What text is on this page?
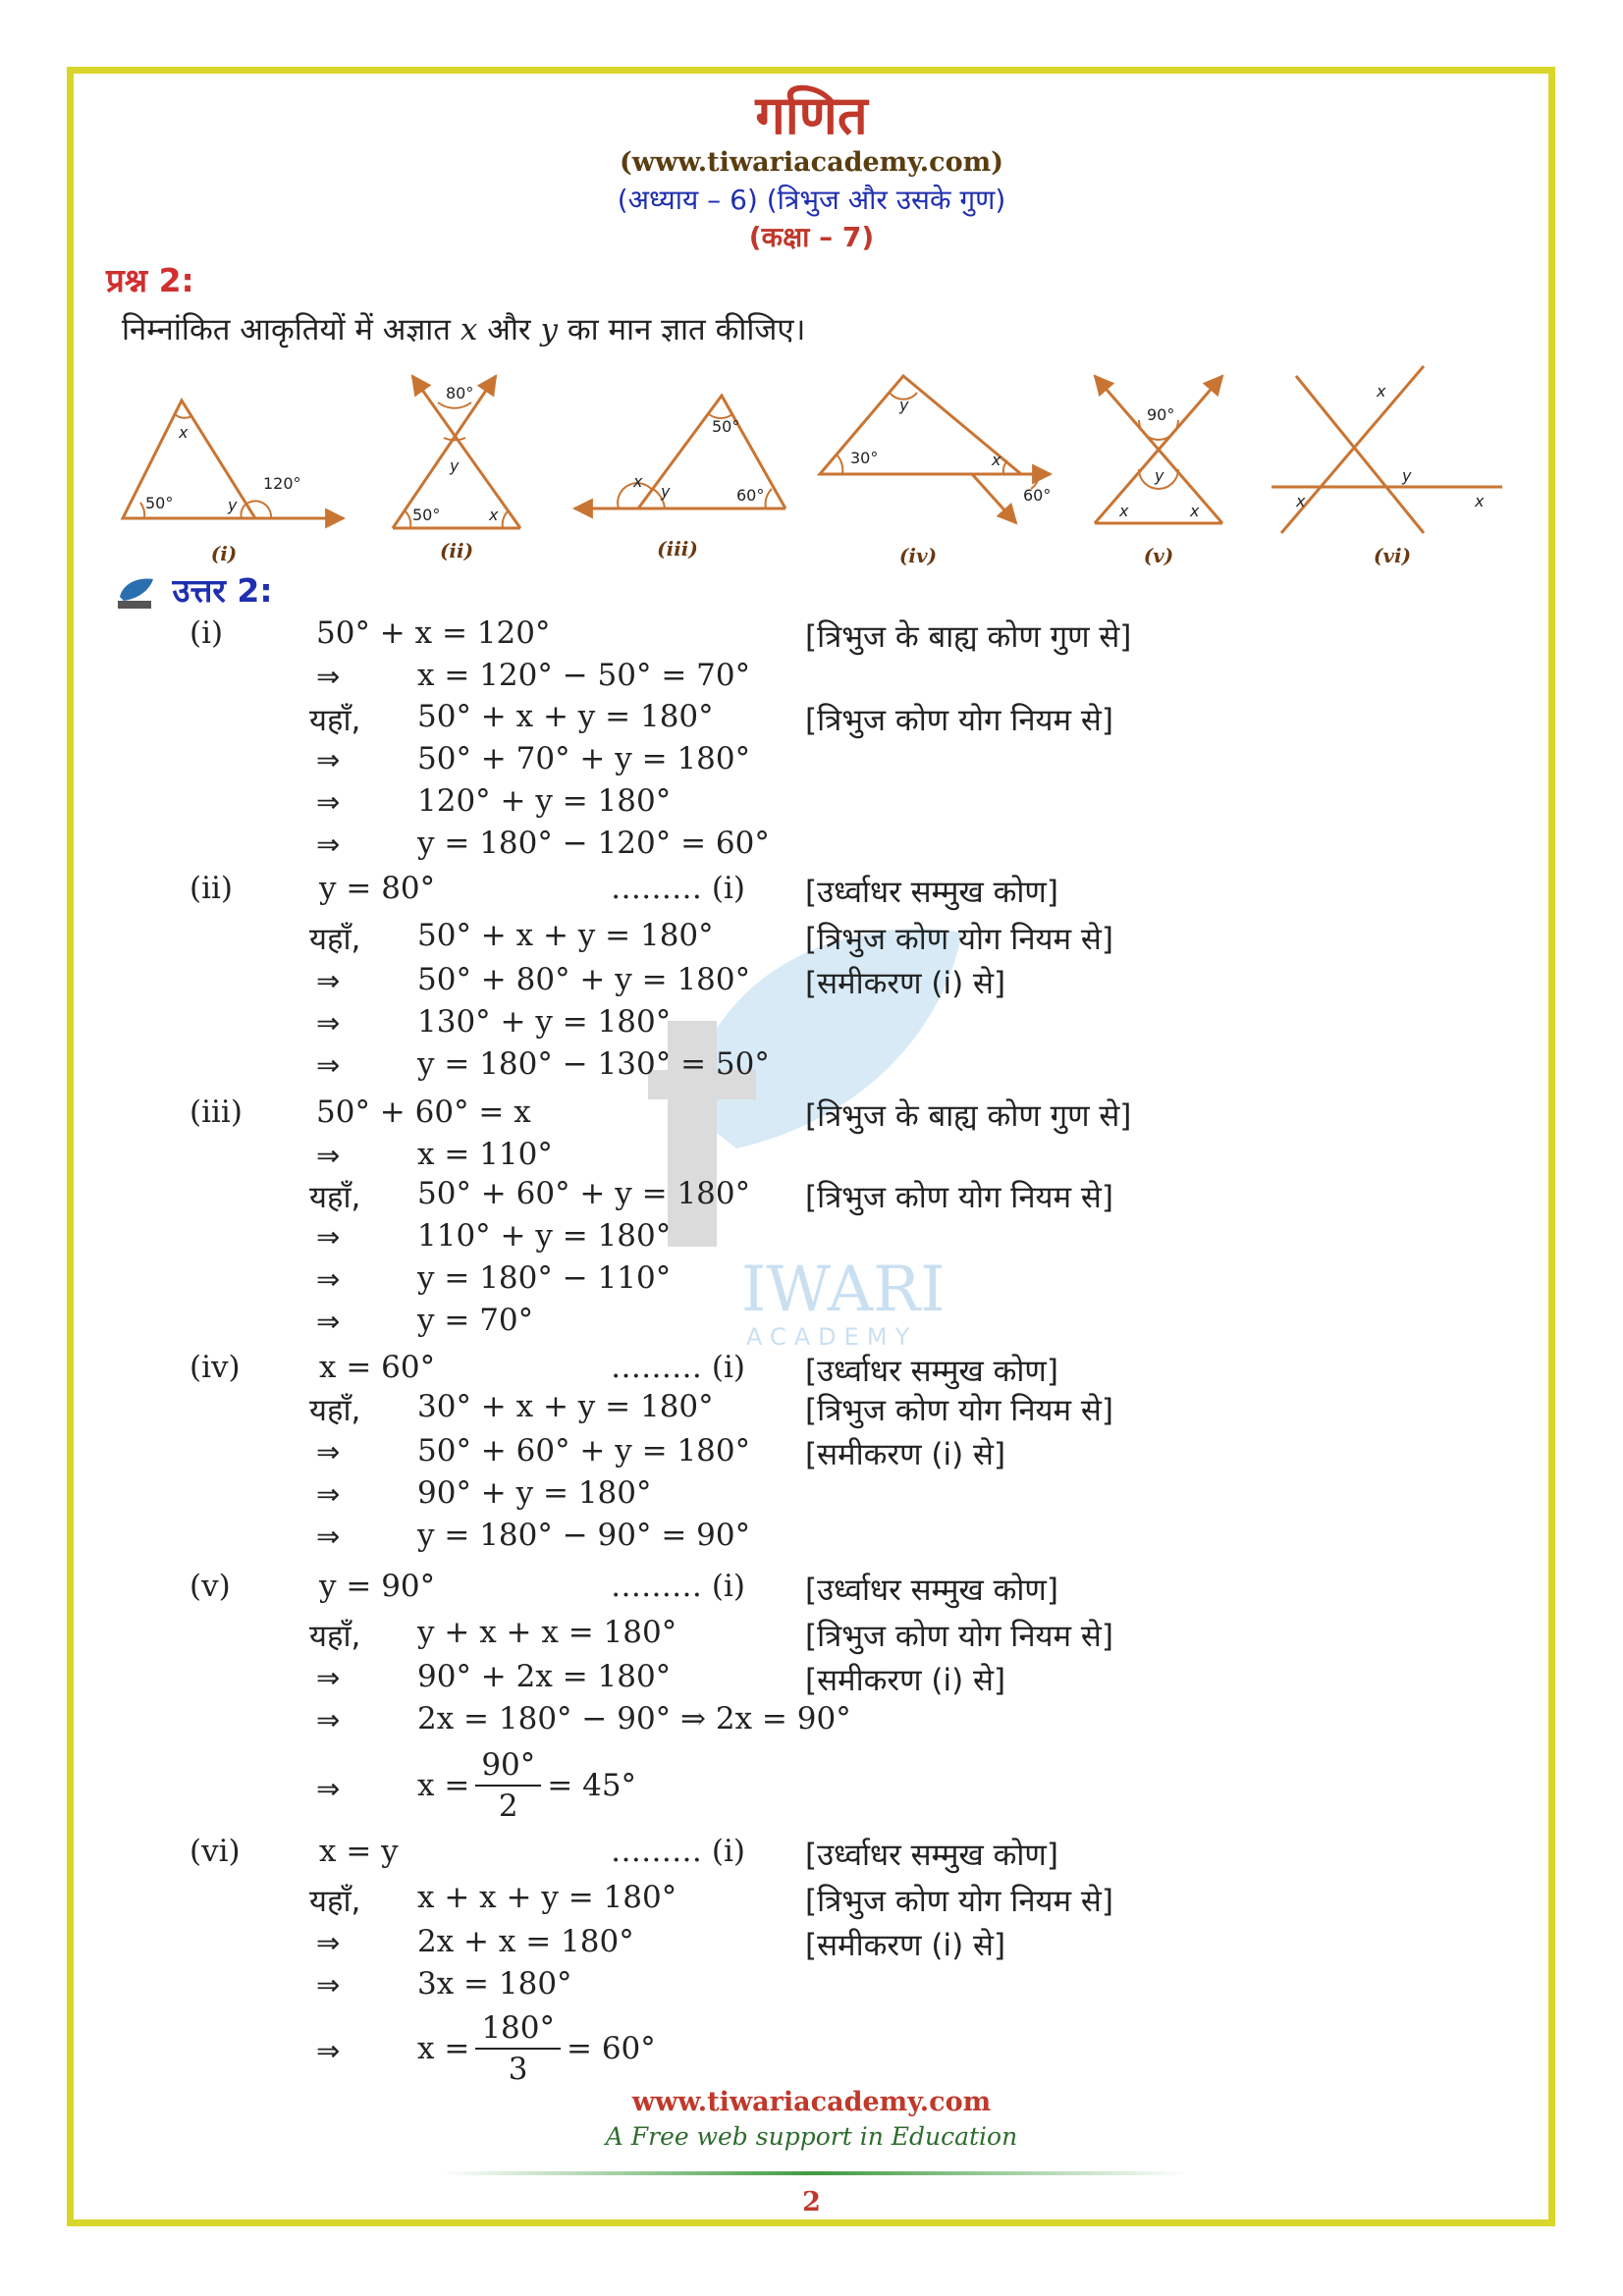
गणित
(www.tiwariacademy.com)
(अध्याय – 6) (त्रिभुज और उसके गुण)
(कक्षा – 7)
प्रश्न 2:
निम्नांकित आकृतियों में अज्ञात x और y का मान ज्ञात कीजिए।
x
50°	y
120°
80°
y
50°	x
50°
x
y	60°
y
30°	x
60°
90°
y
x	x
x
y
x	x
(i)	(ii)	(iii)	(iv)	(v)	(vi)
IWARI
ACADEMY
उत्तर 2:
(i)	50° + x = 120°	[त्रिभुज के बाह्य कोण गुण से]
⇒	x = 120° − 50° = 70°
यहाँ, 50° + x + y = 180°	[त्रिभुज कोण योग नियम से]
⇒	50° + 70° + y = 180°
⇒	120° + y = 180°
⇒	y = 180° − 120° = 60°
(ii)	y = 80°	……… (i) [उर्ध्वाधर सम्मुख कोण]
यहाँ, 50° + x + y = 180°	[त्रिभुज कोण योग नियम से]
⇒	50° + 80° + y = 180° [समीकरण (i) से]
⇒	130° + y = 180°
⇒	y = 180° − 130° = 50°
(iii) 50° + 60° = x	[त्रिभुज के बाह्य कोण गुण से]
⇒	x = 110°
यहाँ, 50° + 60° + y = 180° [त्रिभुज कोण योग नियम से]
⇒	110° + y = 180°
⇒	y = 180° − 110°
⇒	y = 70°
(iv)	x = 60°	……… (i) [उर्ध्वाधर सम्मुख कोण]
यहाँ, 30° + x + y = 180°	[त्रिभुज कोण योग नियम से]
⇒	50° + 60° + y = 180° [समीकरण (i) से]
⇒	90° + y = 180°
⇒	y = 180° − 90° = 90°
(v)	y = 90°	……… (i) [उर्ध्वाधर सम्मुख कोण]
यहाँ, y + x + x = 180°	[त्रिभुज कोण योग नियम से]
⇒	90° + 2x = 180°	[समीकरण (i) से]
⇒	2x = 180° − 90° ⇒ 2x = 90°
⇒	$x = \frac{90^\circ}{2} = 45^\circ$
(vi)	x = y	……… (i) [उर्ध्वाधर सम्मुख कोण]
यहाँ, x + x + y = 180°	[त्रिभुज कोण योग नियम से]
⇒	2x + x = 180°	[समीकरण (i) से]
⇒	3x = 180°
⇒	$x = \frac{180^\circ}{3} = 60^\circ$
www.tiwariacademy.com
A Free web support in Education
2
